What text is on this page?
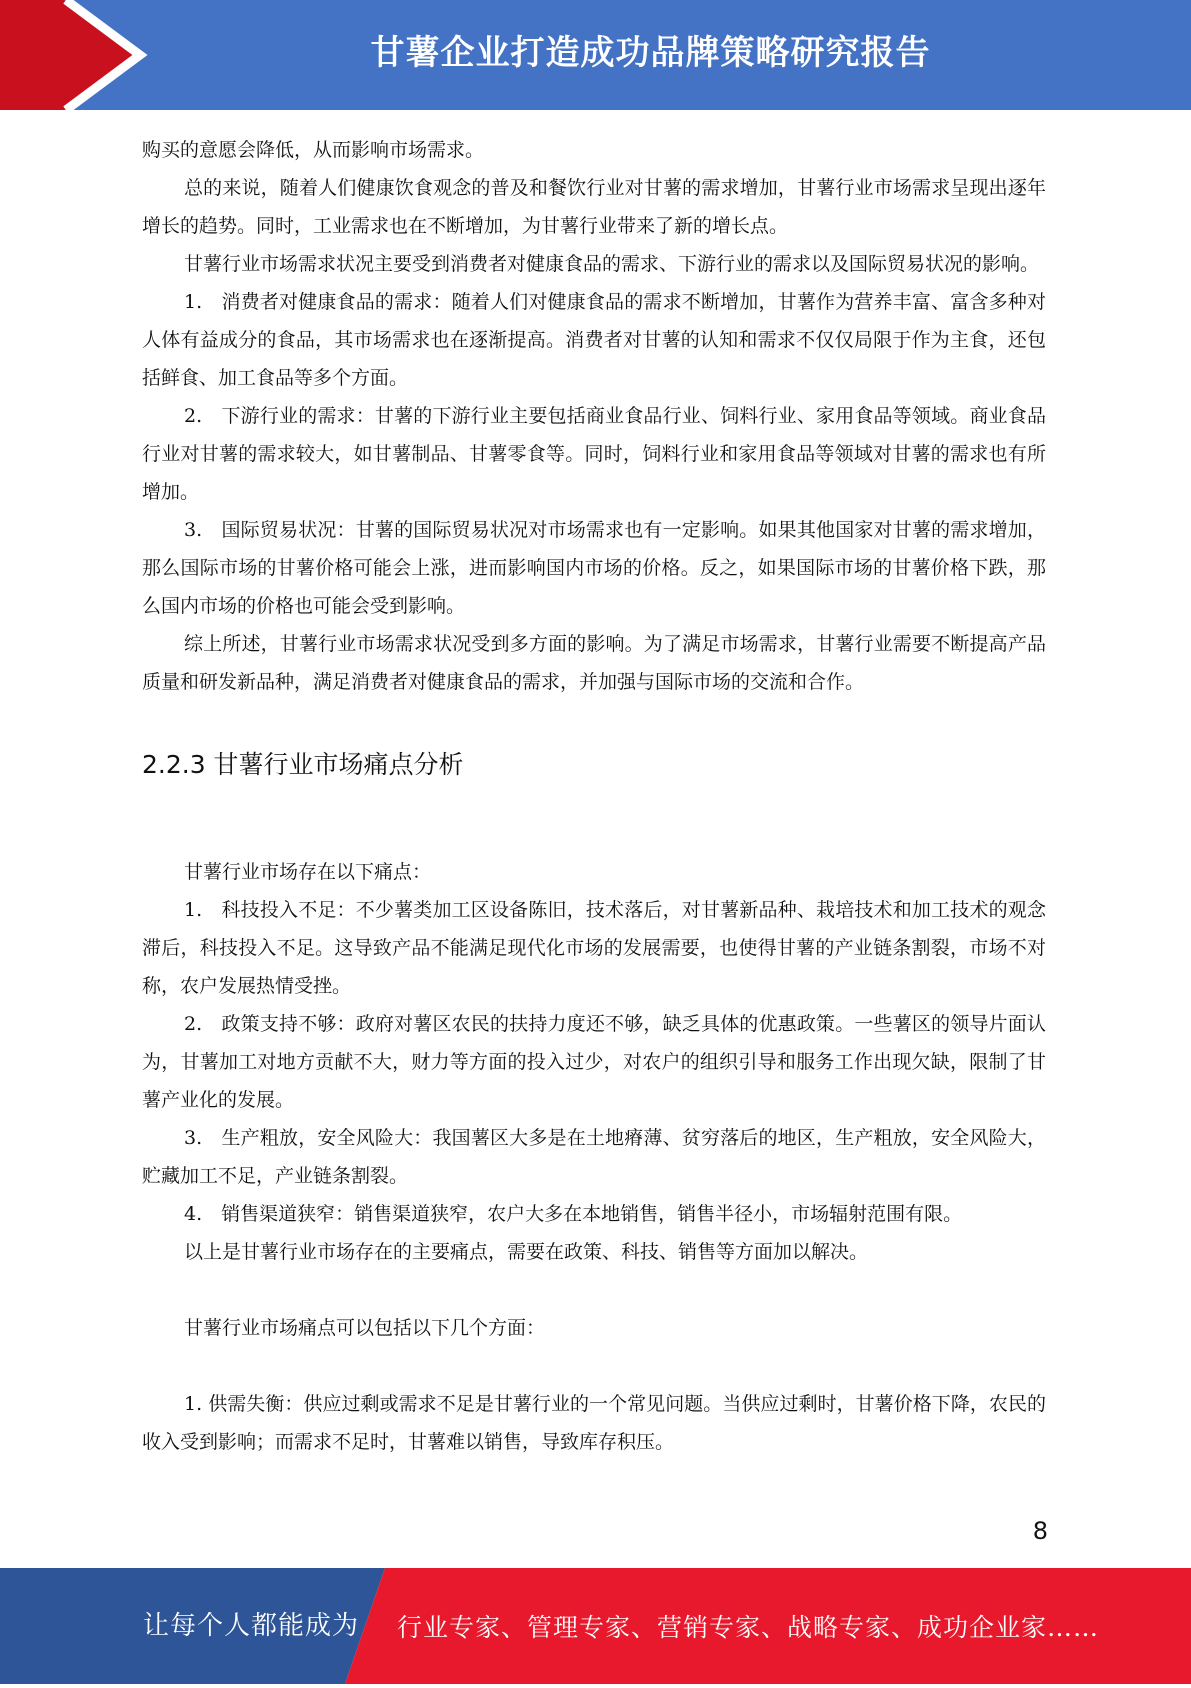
甘薯企业打造成功品牌策略研究报告

购买的意愿会降低，从而影响市场需求。

总的来说，随着人们健康饮食观念的普及和餐饮行业对甘薯的需求增加，甘薯行业市场需求呈现出逐年增长的趋势。同时，工业需求也在不断增加，为甘薯行业带来了新的增长点。

甘薯行业市场需求状况主要受到消费者对健康食品的需求、下游行业的需求以及国际贸易状况的影响。

1.　消费者对健康食品的需求：随着人们对健康食品的需求不断增加，甘薯作为营养丰富、富含多种对人体有益成分的食品，其市场需求也在逐渐提高。消费者对甘薯的认知和需求不仅仅局限于作为主食，还包括鲜食、加工食品等多个方面。

2.　下游行业的需求：甘薯的下游行业主要包括商业食品行业、饲料行业、家用食品等领域。商业食品行业对甘薯的需求较大，如甘薯制品、甘薯零食等。同时，饲料行业和家用食品等领域对甘薯的需求也有所增加。

3.　国际贸易状况：甘薯的国际贸易状况对市场需求也有一定影响。如果其他国家对甘薯的需求增加，那么国际市场的甘薯价格可能会上涨，进而影响国内市场的价格。反之，如果国际市场的甘薯价格下跌，那么国内市场的价格也可能会受到影响。

综上所述，甘薯行业市场需求状况受到多方面的影响。为了满足市场需求，甘薯行业需要不断提高产品质量和研发新品种，满足消费者对健康食品的需求，并加强与国际市场的交流和合作。

2.2.3 甘薯行业市场痛点分析

甘薯行业市场存在以下痛点：

1.　科技投入不足：不少薯类加工区设备陈旧，技术落后，对甘薯新品种、栽培技术和加工技术的观念滞后，科技投入不足。这导致产品不能满足现代化市场的发展需要，也使得甘薯的产业链条割裂，市场不对称，农户发展热情受挫。

2.　政策支持不够：政府对薯区农民的扶持力度还不够，缺乏具体的优惠政策。一些薯区的领导片面认为，甘薯加工对地方贡献不大，财力等方面的投入过少，对农户的组织引导和服务工作出现欠缺，限制了甘薯产业化的发展。

3.　生产粗放，安全风险大：我国薯区大多是在土地瘠薄、贫穷落后的地区，生产粗放，安全风险大，贮藏加工不足，产业链条割裂。

4.　销售渠道狭窄：销售渠道狭窄，农户大多在本地销售，销售半径小，市场辐射范围有限。

以上是甘薯行业市场存在的主要痛点，需要在政策、科技、销售等方面加以解决。

甘薯行业市场痛点可以包括以下几个方面：

1. 供需失衡：供应过剩或需求不足是甘薯行业的一个常见问题。当供应过剩时，甘薯价格下降，农民的收入受到影响；而需求不足时，甘薯难以销售，导致库存积压。

8
让每个人都能成为 行业专家、管理专家、营销专家、战略专家、成功企业家……
